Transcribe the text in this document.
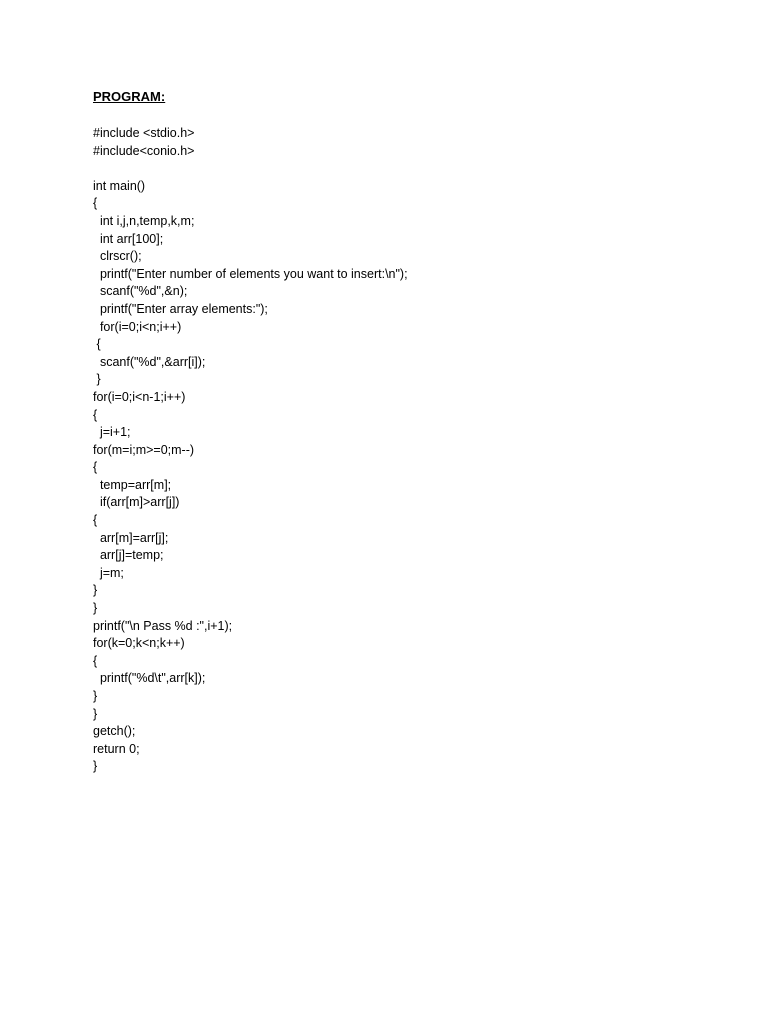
PROGRAM:
#include <stdio.h>
#include<conio.h>
int main()
{
int i,j,n,temp,k,m;
int arr[100];
clrscr();
printf("Enter number of elements you want to insert:\n");
scanf("%d",&n);
printf("Enter array elements:");
for(i=0;i<n;i++)
{
scanf("%d",&arr[i]);
}
for(i=0;i<n-1;i++)
{
j=i+1;
for(m=i;m>=0;m--)
{
temp=arr[m];
if(arr[m]>arr[j])
{
arr[m]=arr[j];
arr[j]=temp;
j=m;
}
}
printf("\n Pass %d :",i+1);
for(k=0;k<n;k++)
{
printf("%d\t",arr[k]);
}
}
getch();
return 0;
}
